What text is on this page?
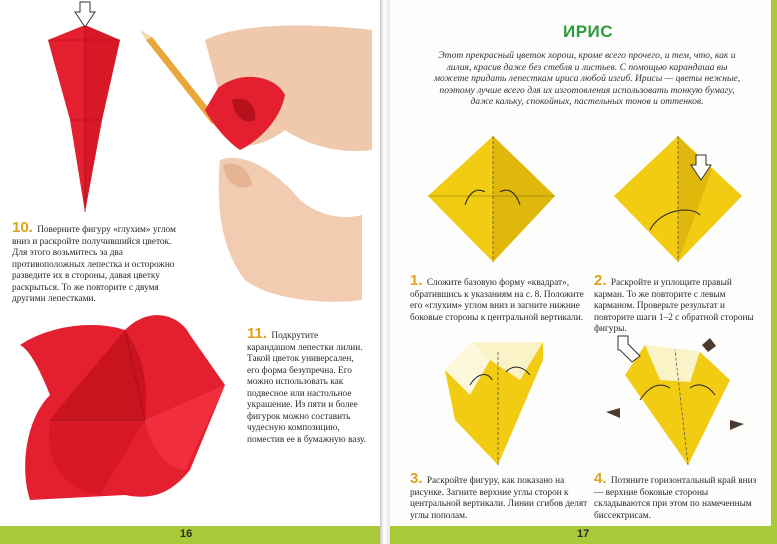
10. Поверните фигуру «глухим» углом вниз и раскройте получившийся цветок. Для этого возьмитесь за два противоположных лепестка и осторожно разведите их в стороны, давая цветку раскрыться. То же повторите с двумя другими лепестками.
11. Подкрутите карандашом лепестки лилии. Такой цветок универсален, его форма безупречна. Его можно использовать как подвесное или настольное украшение. Из пяти и более фигурок можно составить чудесную композицию, поместив ее в бумажную вазу.
16
ИРИС
Этот прекрасный цветок хорош, кроме всего прочего, и тем, что, как и лилия, красив даже без стебля и листьев. С помощью карандаша вы можете придать лепесткам ириса любой изгиб. Ирисы — цветы нежные, поэтому лучше всего для их изготовления использовать тонкую бумагу, даже кальку, спокойных, пастельных тонов и оттенков.
1. Сложите базовую форму «квадрат», обратившись к указаниям на с. 8. Положите его «глухим» углом вниз и загните нижние боковые стороны к центральной вертикали.
2. Раскройте и уплощите правый карман. То же повторите с левым карманом. Проверьте результат и повторите шаги 1–2 с обратной стороны фигуры.
3. Раскройте фигуру, как показано на рисунке. Загните верхние углы сторон к центральной вертикали. Линии сгибов делят углы пополам.
4. Потяните горизонтальный край вниз — верхние боковые стороны складываются при этом по намеченным биссектрисам.
17
